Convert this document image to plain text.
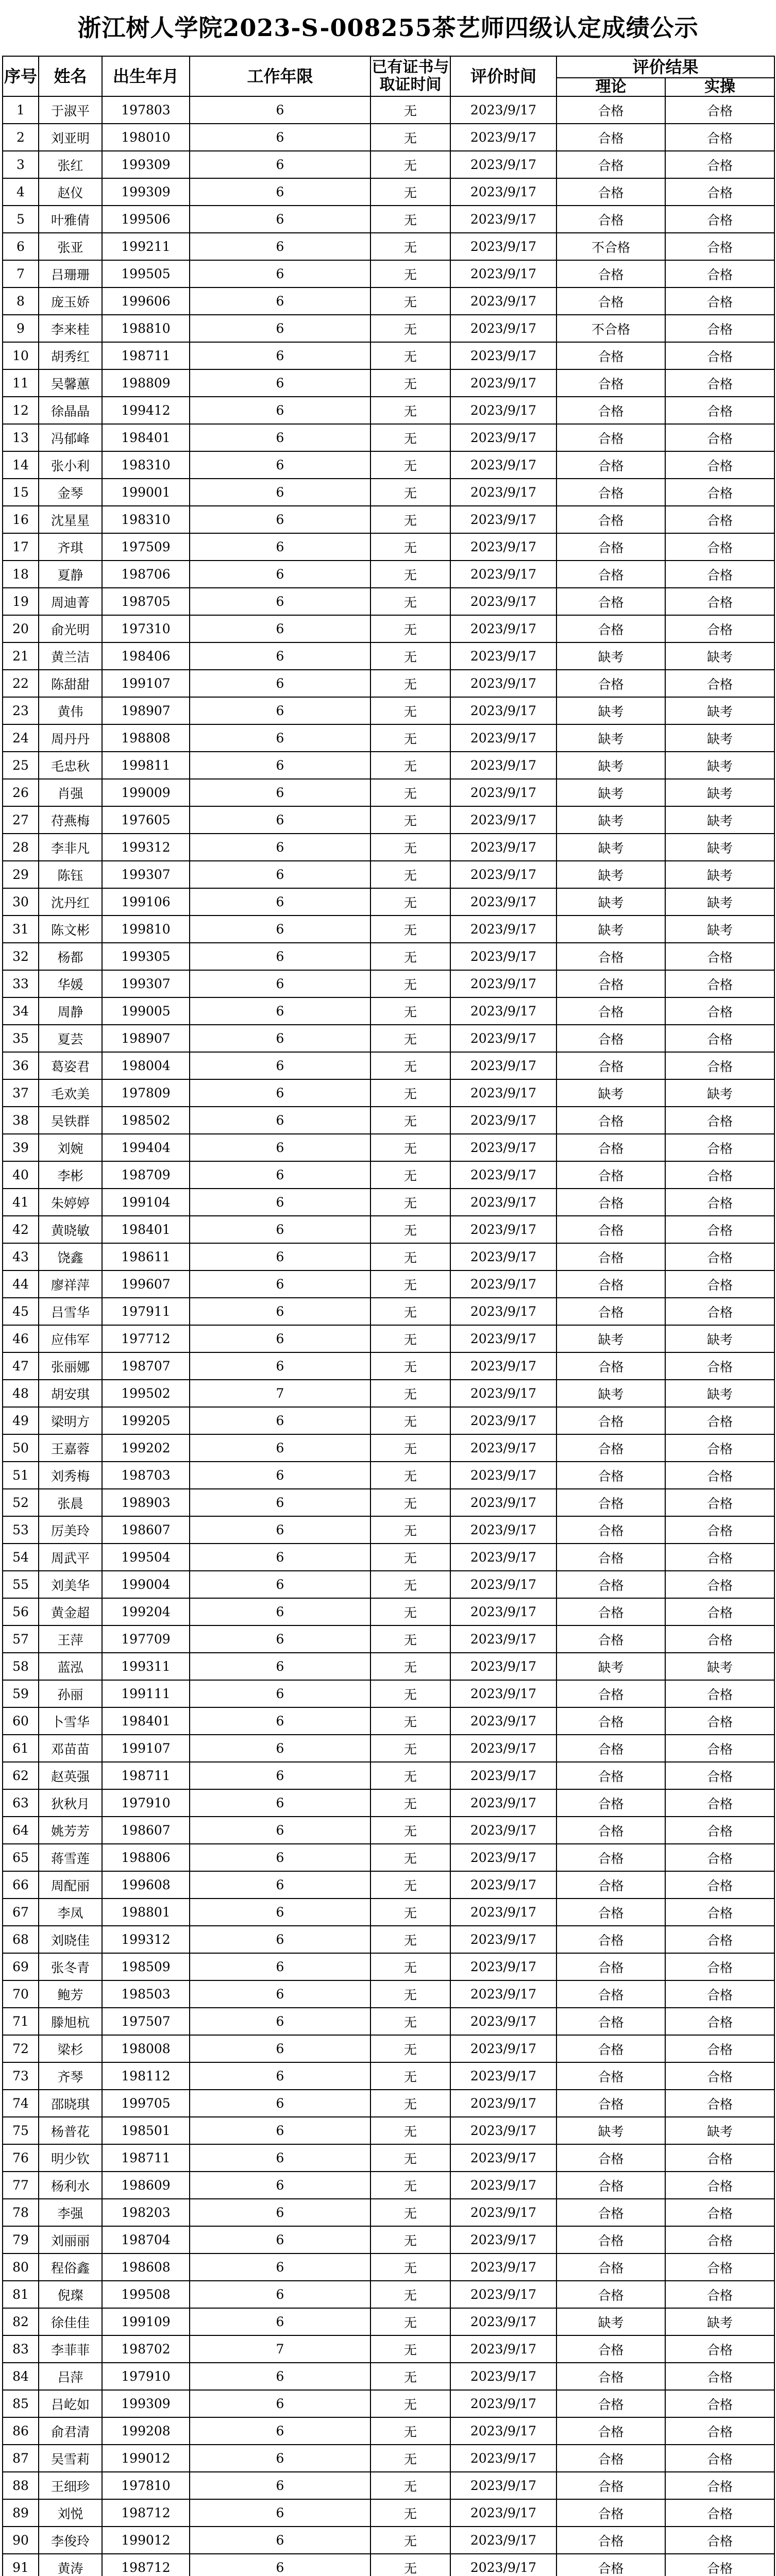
浙江树人学院2023-S-008255茶艺师四级认定成绩公示
序号	姓名	出生年月	工作年限	已有证书与取证时间	评价时间	评价结果	
						理论	实操
1	于淑平	197803	6	无	2023/9/17	合格	合格
2	刘亚明	198010	6	无	2023/9/17	合格	合格
3	张红	199309	6	无	2023/9/17	合格	合格
4	赵仪	199309	6	无	2023/9/17	合格	合格
5	叶雅倩	199506	6	无	2023/9/17	合格	合格
6	张亚	199211	6	无	2023/9/17	不合格	合格
7	吕珊珊	199505	6	无	2023/9/17	合格	合格
8	庞玉娇	199606	6	无	2023/9/17	合格	合格
9	李来桂	198810	6	无	2023/9/17	不合格	合格
10	胡秀红	198711	6	无	2023/9/17	合格	合格
11	吴馨蕙	198809	6	无	2023/9/17	合格	合格
12	徐晶晶	199412	6	无	2023/9/17	合格	合格
13	冯郁峰	198401	6	无	2023/9/17	合格	合格
14	张小利	198310	6	无	2023/9/17	合格	合格
15	金琴	199001	6	无	2023/9/17	合格	合格
16	沈星星	198310	6	无	2023/9/17	合格	合格
17	齐琪	197509	6	无	2023/9/17	合格	合格
18	夏静	198706	6	无	2023/9/17	合格	合格
19	周迪菁	198705	6	无	2023/9/17	合格	合格
20	俞光明	197310	6	无	2023/9/17	合格	合格
21	黄兰洁	198406	6	无	2023/9/17	缺考	缺考
22	陈甜甜	199107	6	无	2023/9/17	合格	合格
23	黄伟	198907	6	无	2023/9/17	缺考	缺考
24	周丹丹	198808	6	无	2023/9/17	缺考	缺考
25	毛忠秋	199811	6	无	2023/9/17	缺考	缺考
26	肖强	199009	6	无	2023/9/17	缺考	缺考
27	苻燕梅	197605	6	无	2023/9/17	缺考	缺考
28	李非凡	199312	6	无	2023/9/17	缺考	缺考
29	陈钰	199307	6	无	2023/9/17	缺考	缺考
30	沈丹红	199106	6	无	2023/9/17	缺考	缺考
31	陈文彬	199810	6	无	2023/9/17	缺考	缺考
32	杨都	199305	6	无	2023/9/17	合格	合格
33	华媛	199307	6	无	2023/9/17	合格	合格
34	周静	199005	6	无	2023/9/17	合格	合格
35	夏芸	198907	6	无	2023/9/17	合格	合格
36	葛姿君	198004	6	无	2023/9/17	合格	合格
37	毛欢美	197809	6	无	2023/9/17	缺考	缺考
38	吴铁群	198502	6	无	2023/9/17	合格	合格
39	刘婉	199404	6	无	2023/9/17	合格	合格
40	李彬	198709	6	无	2023/9/17	合格	合格
41	朱婷婷	199104	6	无	2023/9/17	合格	合格
42	黄晓敏	198401	6	无	2023/9/17	合格	合格
43	饶鑫	198611	6	无	2023/9/17	合格	合格
44	廖祥萍	199607	6	无	2023/9/17	合格	合格
45	吕雪华	197911	6	无	2023/9/17	合格	合格
46	应伟军	197712	6	无	2023/9/17	缺考	缺考
47	张丽娜	198707	6	无	2023/9/17	合格	合格
48	胡安琪	199502	7	无	2023/9/17	缺考	缺考
49	梁明方	199205	6	无	2023/9/17	合格	合格
50	王嘉蓉	199202	6	无	2023/9/17	合格	合格
51	刘秀梅	198703	6	无	2023/9/17	合格	合格
52	张晨	198903	6	无	2023/9/17	合格	合格
53	厉美玲	198607	6	无	2023/9/17	合格	合格
54	周武平	199504	6	无	2023/9/17	合格	合格
55	刘美华	199004	6	无	2023/9/17	合格	合格
56	黄金超	199204	6	无	2023/9/17	合格	合格
57	王萍	197709	6	无	2023/9/17	合格	合格
58	蓝泓	199311	6	无	2023/9/17	缺考	缺考
59	孙丽	199111	6	无	2023/9/17	合格	合格
60	卜雪华	198401	6	无	2023/9/17	合格	合格
61	邓苗苗	199107	6	无	2023/9/17	合格	合格
62	赵英强	198711	6	无	2023/9/17	合格	合格
63	狄秋月	197910	6	无	2023/9/17	合格	合格
64	姚芳芳	198607	6	无	2023/9/17	合格	合格
65	蒋雪莲	198806	6	无	2023/9/17	合格	合格
66	周配丽	199608	6	无	2023/9/17	合格	合格
67	李凤	198801	6	无	2023/9/17	合格	合格
68	刘晓佳	199312	6	无	2023/9/17	合格	合格
69	张冬青	198509	6	无	2023/9/17	合格	合格
70	鲍芳	198503	6	无	2023/9/17	合格	合格
71	滕旭杭	197507	6	无	2023/9/17	合格	合格
72	梁杉	198008	6	无	2023/9/17	合格	合格
73	齐琴	198112	6	无	2023/9/17	合格	合格
74	邵晓琪	199705	6	无	2023/9/17	合格	合格
75	杨普花	198501	6	无	2023/9/17	缺考	缺考
76	明少钦	198711	6	无	2023/9/17	合格	合格
77	杨利水	198609	6	无	2023/9/17	合格	合格
78	李强	198203	6	无	2023/9/17	合格	合格
79	刘丽丽	198704	6	无	2023/9/17	合格	合格
80	程俗鑫	198608	6	无	2023/9/17	合格	合格
81	倪璨	199508	6	无	2023/9/17	合格	合格
82	徐佳佳	199109	6	无	2023/9/17	缺考	缺考
83	李菲菲	198702	7	无	2023/9/17	合格	合格
84	吕萍	197910	6	无	2023/9/17	合格	合格
85	吕屹如	199309	6	无	2023/9/17	合格	合格
86	俞君清	199208	6	无	2023/9/17	合格	合格
87	吴雪莉	199012	6	无	2023/9/17	合格	合格
88	王细珍	197810	6	无	2023/9/17	合格	合格
89	刘悦	198712	6	无	2023/9/17	合格	合格
90	李俊玲	199012	6	无	2023/9/17	合格	合格
91	黄涛	198712	6	无	2023/9/17	合格	合格
